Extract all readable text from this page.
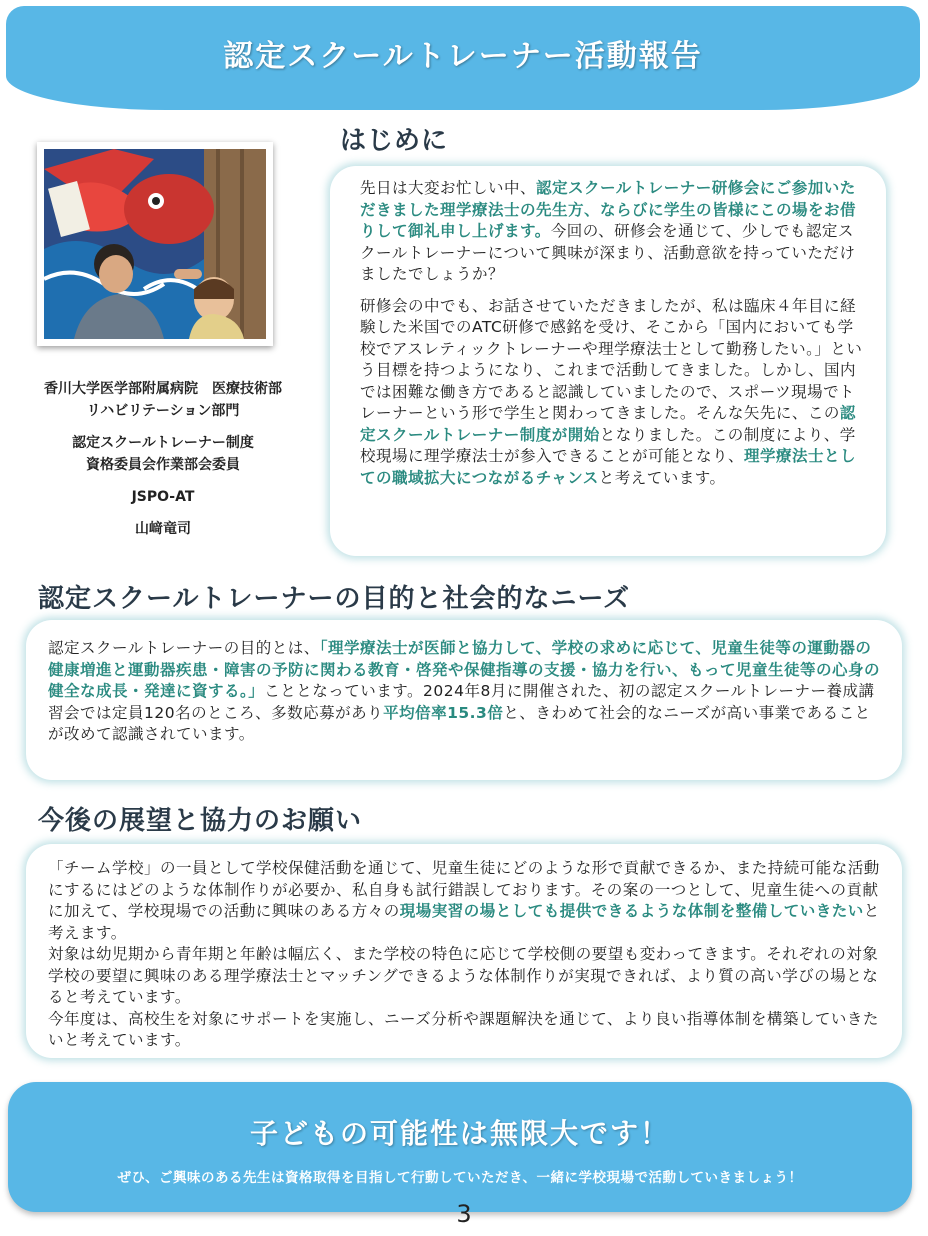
認定スクールトレーナー活動報告

香川大学医学部附属病院　医療技術部
リハビリテーション部門

認定スクールトレーナー制度
資格委員会作業部会委員

JSPO-AT

山﨑竜司

はじめに

先日は大変お忙しい中、認定スクールトレーナー研修会にご参加いただきました理学療法士の先生方、ならびに学生の皆様にこの場をお借りして御礼申し上げます。今回の、研修会を通じて、少しでも認定スクールトレーナーについて興味が深まり、活動意欲を持っていただけましたでしょうか？

研修会の中でも、お話させていただきましたが、私は臨床４年目に経験した米国でのATC研修で感銘を受け、そこから「国内においても学校でアスレティックトレーナーや理学療法士として勤務したい。」という目標を持つようになり、これまで活動してきました。しかし、国内では困難な働き方であると認識していましたので、スポーツ現場でトレーナーという形で学生と関わってきました。そんな矢先に、この認定スクールトレーナー制度が開始となりました。この制度により、学校現場に理学療法士が参入できることが可能となり、理学療法士としての職域拡大につながるチャンスと考えています。

認定スクールトレーナーの目的と社会的なニーズ

認定スクールトレーナーの目的とは、「理学療法士が医師と協力して、学校の求めに応じて、児童生徒等の運動器の健康増進と運動器疾患・障害の予防に関わる教育・啓発や保健指導の支援・協力を行い、もって児童生徒等の心身の健全な成長・発達に資する。」こととなっています。2024年8月に開催された、初の認定スクールトレーナー養成講習会では定員120名のところ、多数応募があり平均倍率15.3倍と、きわめて社会的なニーズが高い事業であることが改めて認識されています。

今後の展望と協力のお願い

「チーム学校」の一員として学校保健活動を通じて、児童生徒にどのような形で貢献できるか、また持続可能な活動にするにはどのような体制作りが必要か、私自身も試行錯誤しております。その案の一つとして、児童生徒への貢献に加えて、学校現場での活動に興味のある方々の現場実習の場としても提供できるような体制を整備していきたいと考えます。

対象は幼児期から青年期と年齢は幅広く、また学校の特色に応じて学校側の要望も変わってきます。それぞれの対象学校の要望に興味のある理学療法士とマッチングできるような体制作りが実現できれば、より質の高い学びの場となると考えています。

今年度は、高校生を対象にサポートを実施し、ニーズ分析や課題解決を通じて、より良い指導体制を構築していきたいと考えています。

子どもの可能性は無限大です！

ぜひ、ご興味のある先生は資格取得を目指して行動していただき、一緒に学校現場で活動していきましょう！

3
